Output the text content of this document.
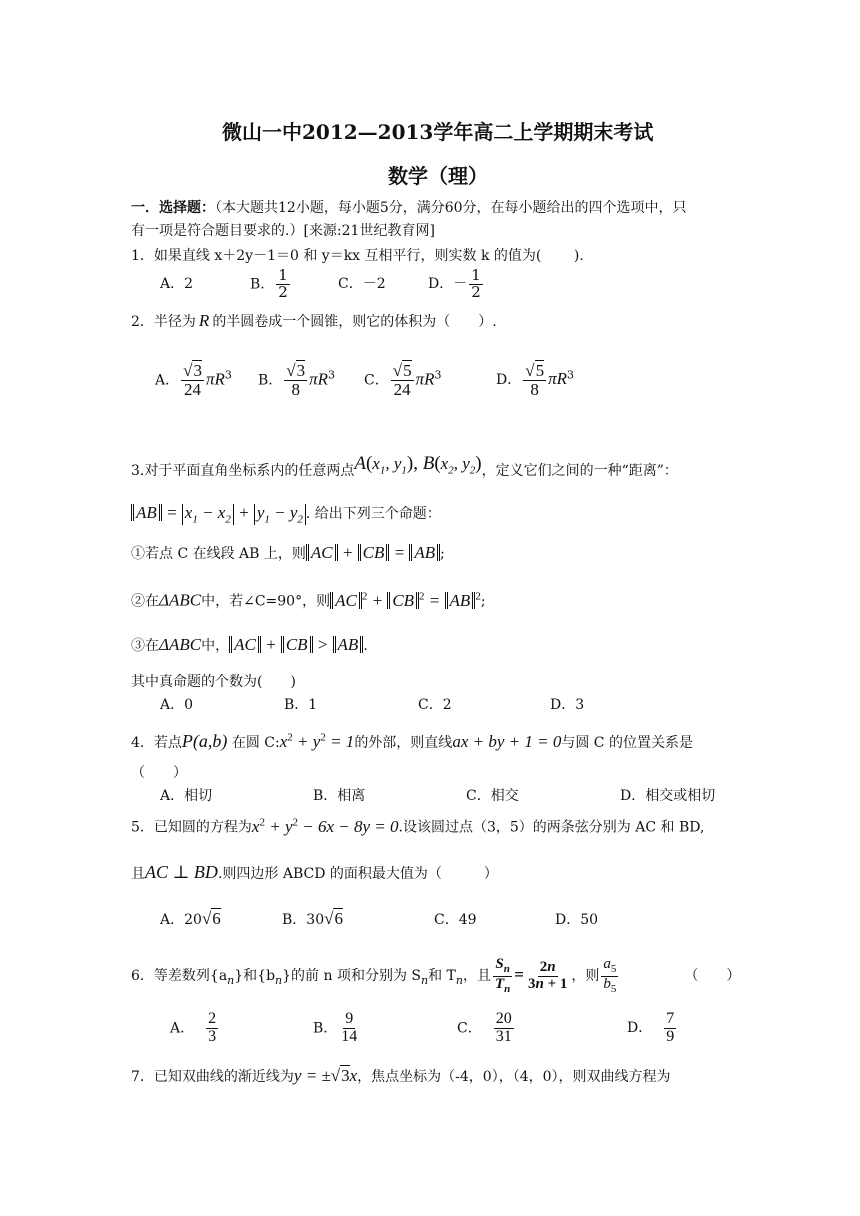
微山一中2012—2013学年高二上学期期末考试
数学（理）
一．选择题：（本大题共12小题，每小题5分，满分60分，在每小题给出的四个选项中，只
有一项是符合题目要求的.）[来源:21世纪教育网]
1．如果直线 x＋2y－1＝0 和 y＝kx 互相平行，则实数 k 的值为(　　 ).
A．2	B． $\frac{1}{2}$	C．－2	D．－ $\frac{1}{2}$
2．半径为 R 的半圆卷成一个圆锥，则它的体积为（　　）.
A． $\frac{√3}{24} \pi R^3$ B． $\frac{√3}{8} \pi R^3$ C． $\frac{√5}{24} \pi R^3$	D． $\frac{√5}{8} \pi R^3$
3.对于平面直角坐标系内的任意两点$A(x_1$, $y_1$), $B(x_2$, $y_2$)，定义它们之间的一种“距离”：
AB = $x_1 - x_2 + y_1 - y_2$ . 给出下列三个命题：
①若点 C 在线段 AB 上，则 AC + CB = AB ;
②在ΔABC中，若∠C=90°，则 AC $^2$ + CB $^2$ = AB $^2$;
③在ΔABC中， AC + CB > AB .
其中真命题的个数为(　　)
A．0	B．1	C．2	D．3
4．若点P(a,b) 在圆 $C:x^2 + y^2 = 1$的外部，则直线ax + by + 1 = 0与圆 C 的位置关系是
（　　）
A．相切	B．相离	C．相交	D．相交或相切
5．已知圆的方程为$x^2 + y^2 - 6x - 8y = 0$.设该圆过点（3，5）的两条弦分别为 AC 和 BD,
且AC ⊥ BD.则四边形 ABCD 的面积最大值为（　　　）
A．20√6	B．30√6	C．49	D．50
6．等差数列$\{a_n\}$和$\{b_n\}$的前 n 项和分别为 $S_n$和 $T_n$，且 $\frac{S_n}{T_n} = \frac{2n}{3n + 1}$ ，则 $\frac{a_5}{b_5}$	（　　）
A． $\frac{2}{3}$	B． $\frac{9}{14}$	C． $\frac{20}{31}$	D． $\frac{7}{9}$
7．已知双曲线的渐近线为y = ±√3x，焦点坐标为（-4，0），（4，0），则双曲线方程为
